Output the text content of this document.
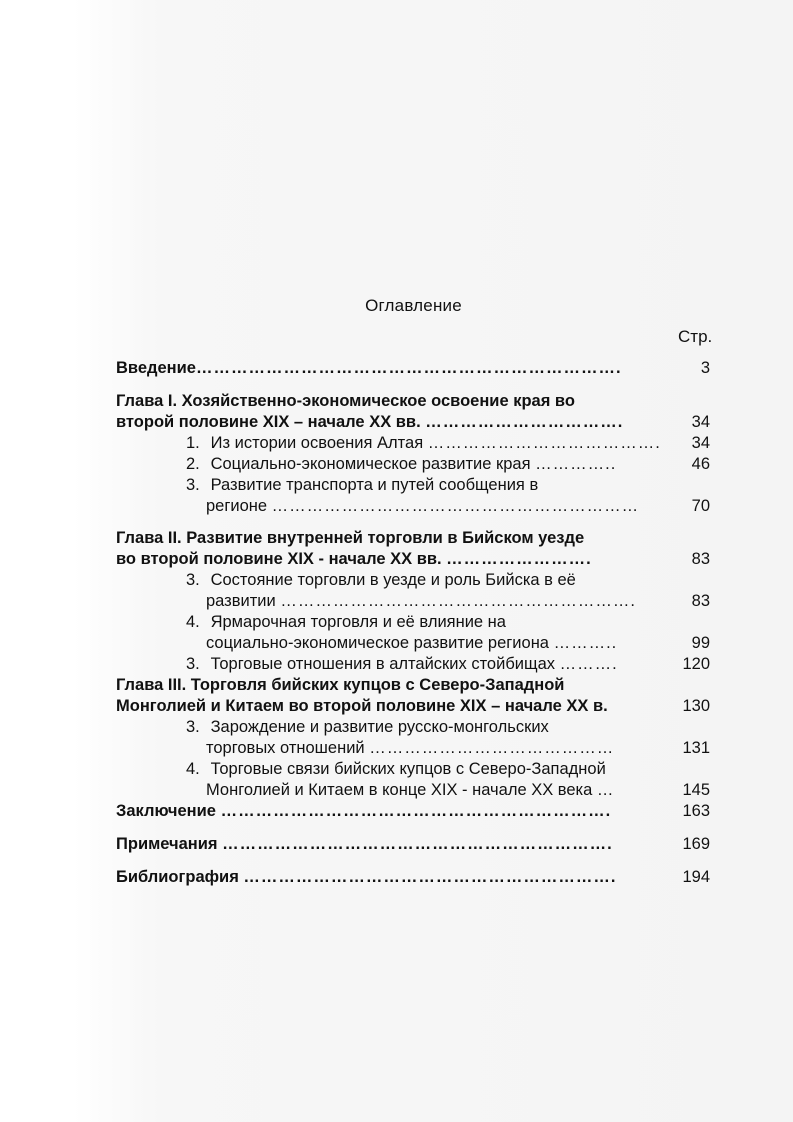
Оглавление
Стр.
Введение……………………………………………………………….	3
Глава I. Хозяйственно-экономическое освоение края во
второй половине XIX – начале XX вв. …………………………….	34
1. Из истории освоения Алтая …………………………………. 34
2. Социально-экономическое развитие края …………..	46
3. Развитие транспорта и путей сообщения в
регионе ………………………………………………………	70
Глава II. Развитие внутренней торговли в Бийском уезде
во второй половине XIX - начале XX вв. …………………….	83
3. Состояние торговли в уезде и роль Бийска в её
развитии …………………………………………………….	83
4. Ярмарочная торговля и её влияние на
социально-экономическое развитие региона ………..	99
3. Торговые отношения в алтайских стойбищах ……….	120
Глава III. Торговля бийских купцов с Северо-Западной
Монголией и Китаем во второй половине XIX – начале XX в.	130
3. Зарождение и развитие русско-монгольских
торговых отношений ……………………………………	131
4. Торговые связи бийских купцов с Северо-Западной
Монголией и Китаем в конце XIX - начале XX века …	145
Заключение ………………………………………………………….	163
Примечания ………………………………………………………….	169
Библиография ……………………………………………………….	194
